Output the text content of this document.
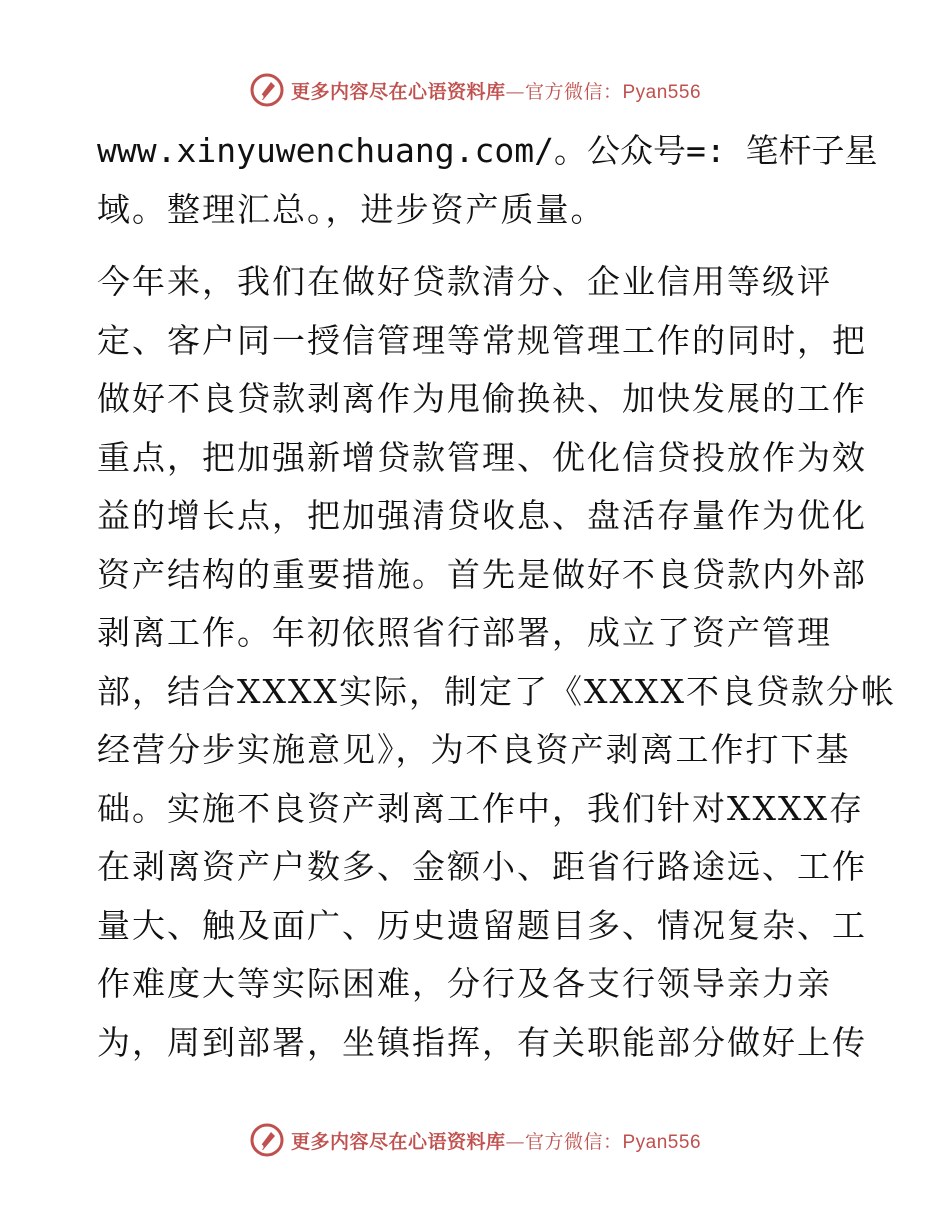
更多内容尽在心语资料库—官方微信：Pyan556
www.xinyuwenchuang.com/。公众号=: 笔杆子星
域。整理汇总。，进步资产质量。
今年来，我们在做好贷款清分、企业信用等级评
定、客户同一授信管理等常规管理工作的同时，把
做好不良贷款剥离作为甩偷换袂、加快发展的工作
重点，把加强新增贷款管理、优化信贷投放作为效
益的增长点，把加强清贷收息、盘活存量作为优化
资产结构的重要措施。首先是做好不良贷款内外部
剥离工作。年初依照省行部署，成立了资产管理
部，结合XXXX实际，制定了《XXXX不良贷款分帐
经营分步实施意见》，为不良资产剥离工作打下基
础。实施不良资产剥离工作中，我们针对XXXX存
在剥离资产户数多、金额小、距省行路途远、工作
量大、触及面广、历史遗留题目多、情况复杂、工
作难度大等实际困难，分行及各支行领导亲力亲
为，周到部署，坐镇指挥，有关职能部分做好上传
更多内容尽在心语资料库—官方微信：Pyan556
